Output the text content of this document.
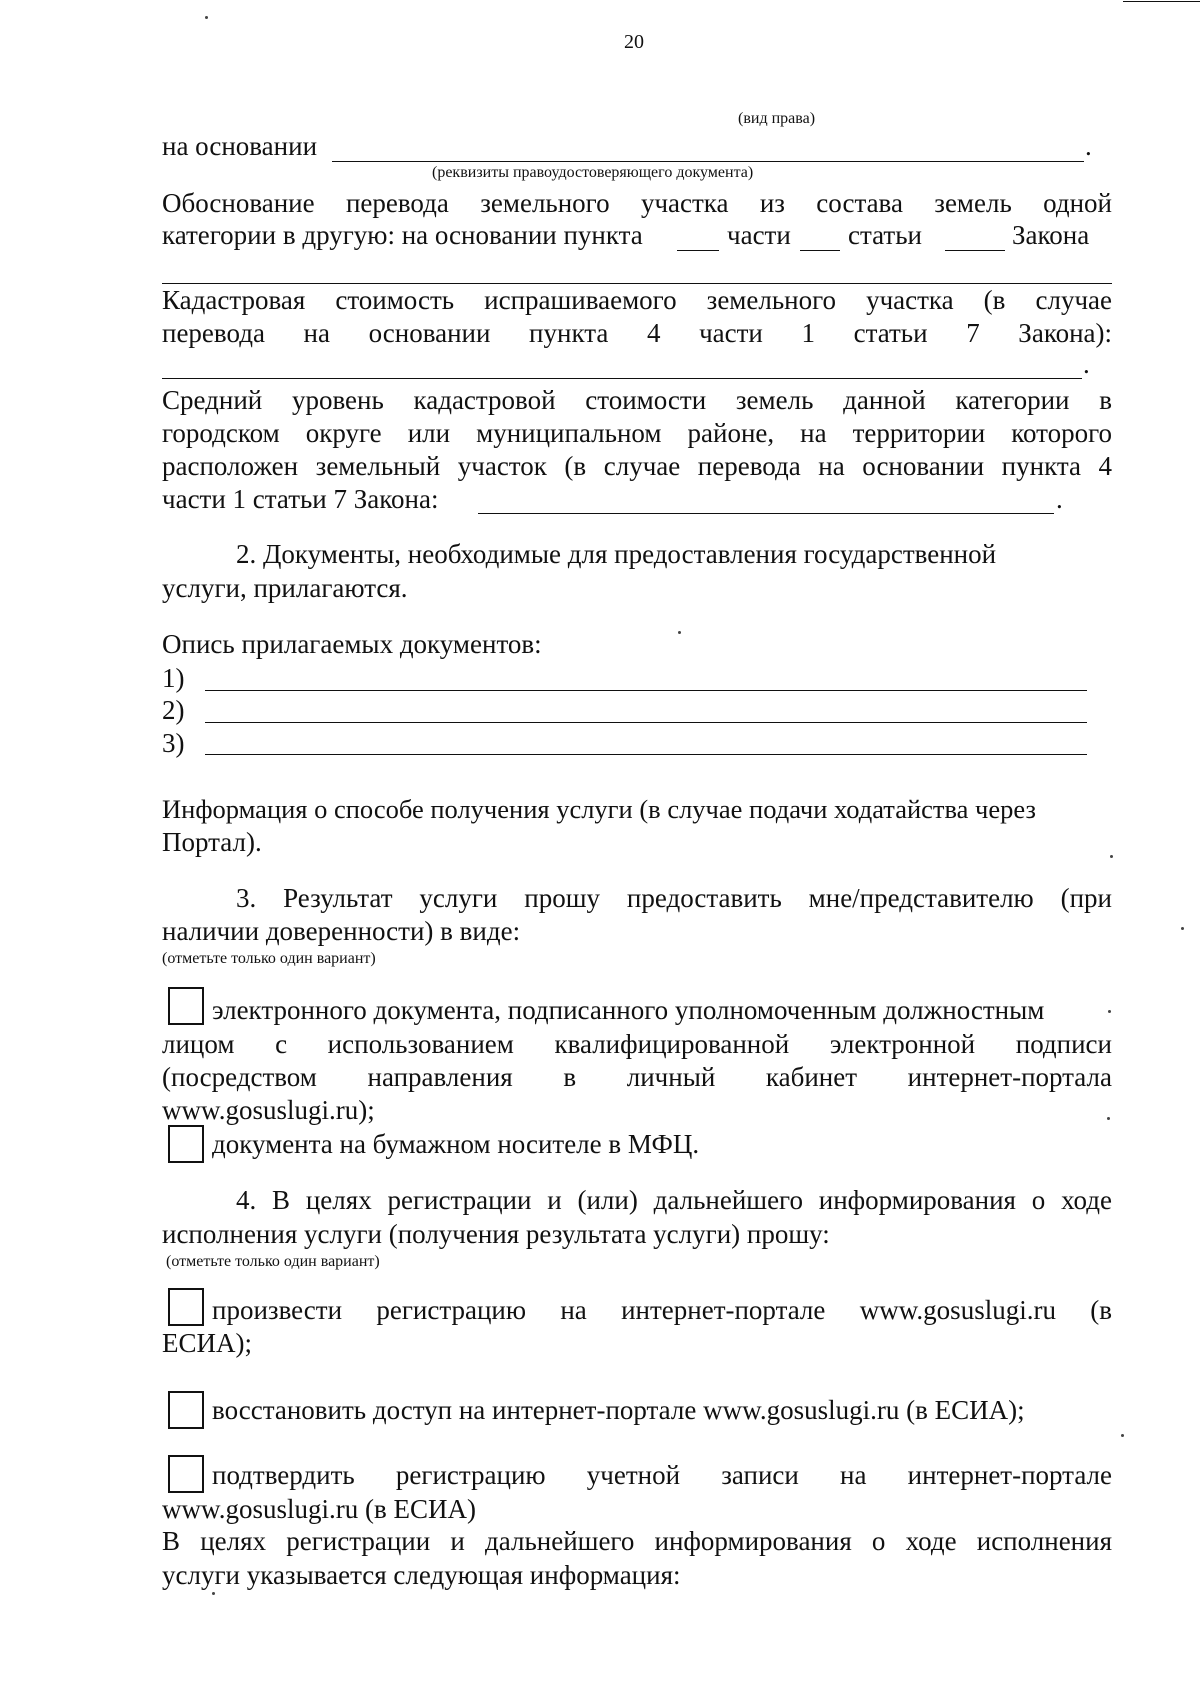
20
(вид права)
на основании	.
(реквизиты правоудостоверяющего документа)
Обоснование перевода земельного участка из состава земель одной
категории в другую: на основании пункта	части статьи	Закона
Кадастровая стоимость испрашиваемого земельного участка (в случае
перевода на основании пункта 4 части 1 статьи 7 Закона):
.
Средний уровень кадастровой стоимости земель данной категории в
городском округе или муниципальном районе, на территории которого
расположен земельный участок (в случае перевода на основании пункта 4
части 1 статьи 7 Закона:	.
2. Документы, необходимые для предоставления государственной
услуги, прилагаются.
Опись прилагаемых документов:
1)
2)
3)
Информация о способе получения услуги (в случае подачи ходатайства через
Портал).
3. Результат услуги прошу предоставить мне/представителю (при
наличии доверенности) в виде:
(отметьте только один вариант)
электронного документа, подписанного уполномоченным должностным
лицом с использованием квалифицированной электронной подписи
(посредством направления в личный кабинет интернет-портала
www.gosuslugi.ru);
документа на бумажном носителе в МФЦ.
4. В целях регистрации и (или) дальнейшего информирования о ходе
исполнения услуги (получения результата услуги) прошу:
(отметьте только один вариант)
произвести регистрацию на интернет-портале www.gosuslugi.ru (в
ЕСИА);
восстановить доступ на интернет-портале www.gosuslugi.ru (в ЕСИА);
подтвердить регистрацию учетной записи на интернет-портале
www.gosuslugi.ru (в ЕСИА)
В целях регистрации и дальнейшего информирования о ходе исполнения
услуги указывается следующая информация:
